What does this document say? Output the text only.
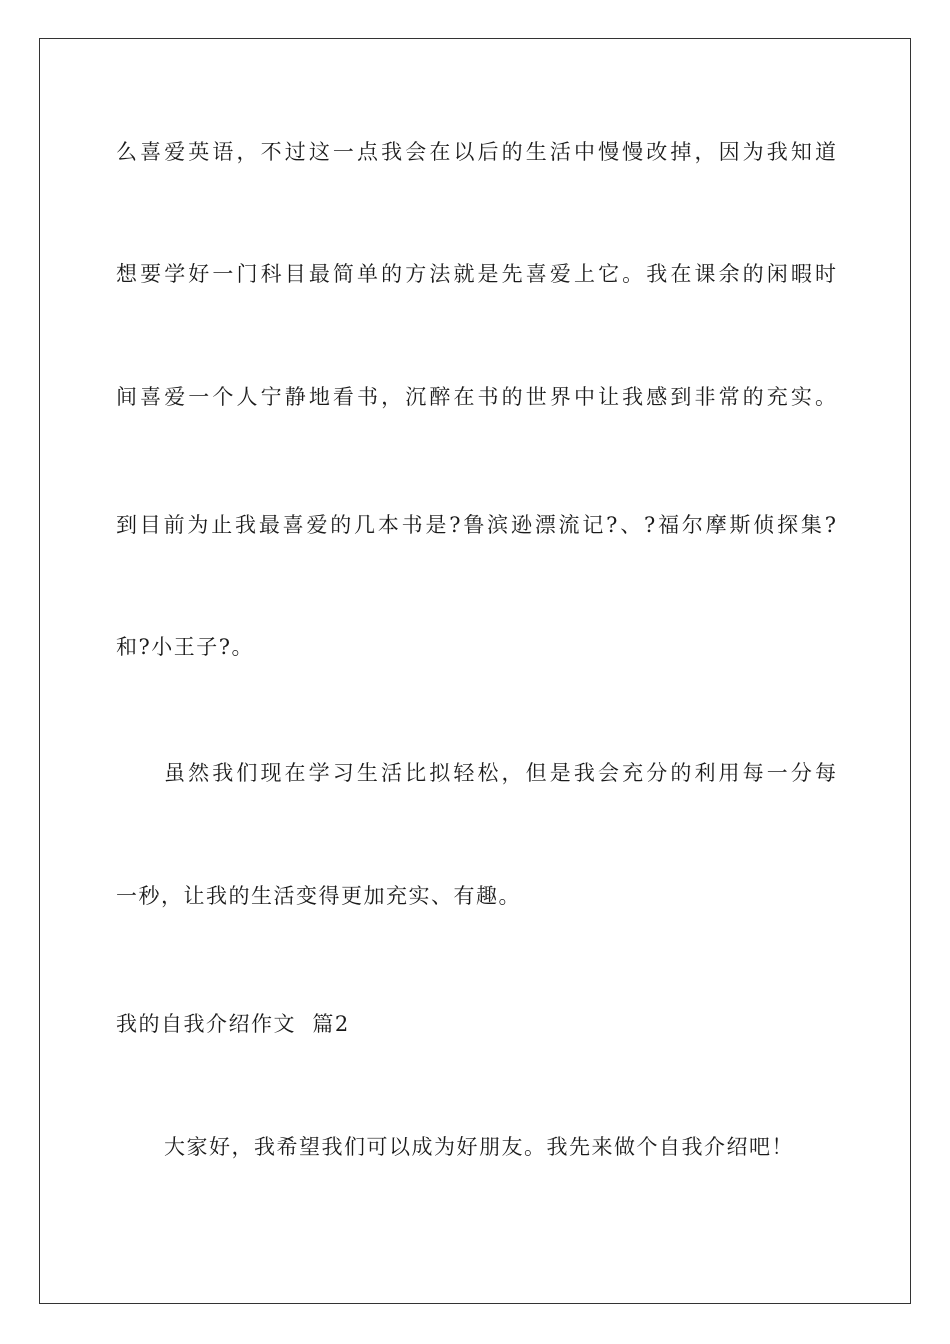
么喜爱英语，不过这一点我会在以后的生活中慢慢改掉，因为我知道
想要学好一门科目最简单的方法就是先喜爱上它。我在课余的闲暇时
间喜爱一个人宁静地看书，沉醉在书的世界中让我感到非常的充实。
到目前为止我最喜爱的几本书是?鲁滨逊漂流记?、?福尔摩斯侦探集?
和?小王子?。
虽然我们现在学习生活比拟轻松，但是我会充分的利用每一分每
一秒，让我的生活变得更加充实、有趣。
我的自我介绍作文  篇2
大家好，我希望我们可以成为好朋友。我先来做个自我介绍吧！
